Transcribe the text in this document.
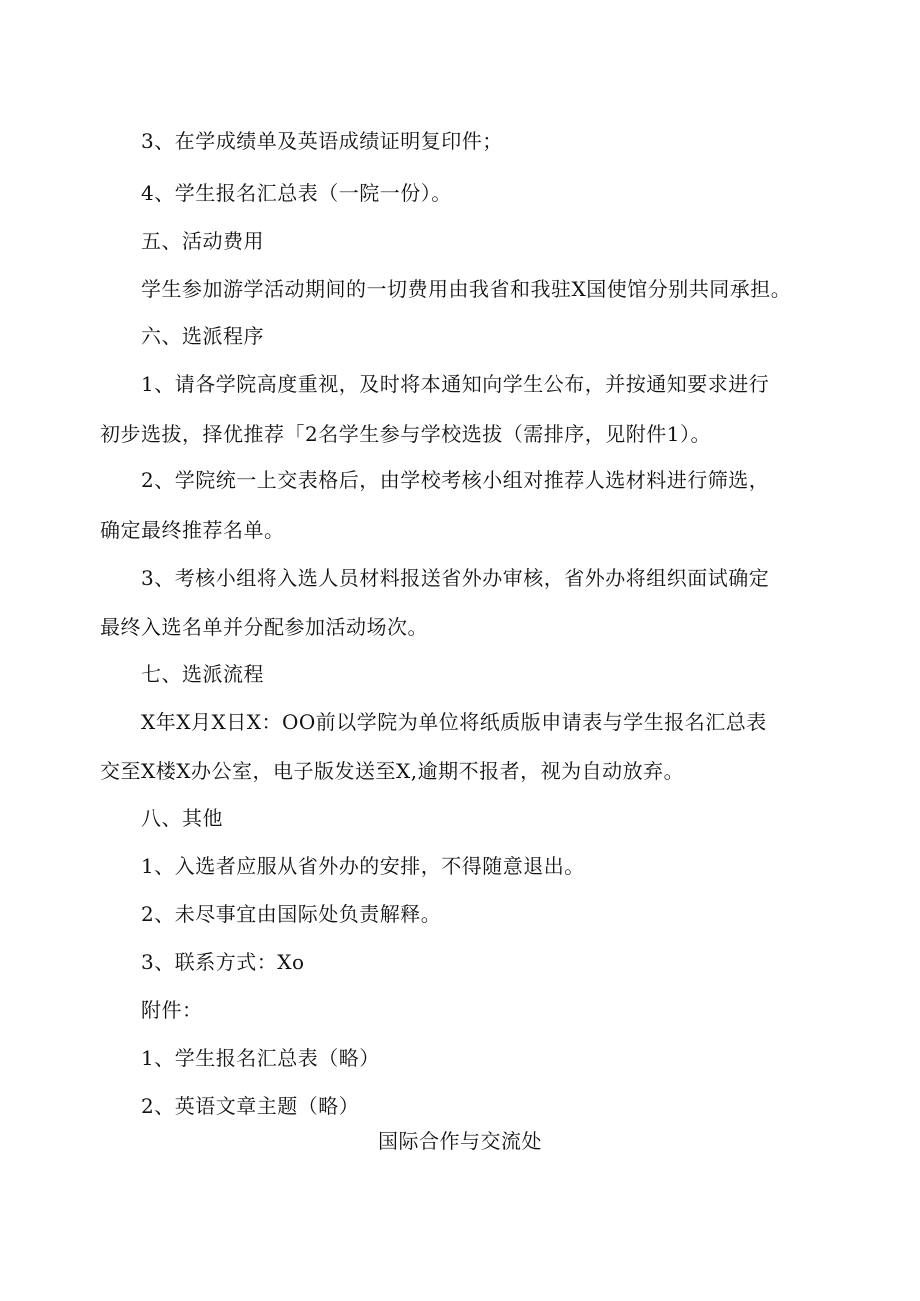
3、在学成绩单及英语成绩证明复印件；
4、学生报名汇总表（一院一份）。
五、活动费用
学生参加游学活动期间的一切费用由我省和我驻X国使馆分别共同承担。
六、选派程序
1、请各学院高度重视，及时将本通知向学生公布，并按通知要求进行
初步选拔，择优推荐「2名学生参与学校选拔（需排序，见附件1）。
2、学院统一上交表格后，由学校考核小组对推荐人选材料进行筛选，
确定最终推荐名单。
3、考核小组将入选人员材料报送省外办审核，省外办将组织面试确定
最终入选名单并分配参加活动场次。
七、选派流程
X年X月X日X：OO前以学院为单位将纸质版申请表与学生报名汇总表
交至X楼X办公室，电子版发送至X,逾期不报者，视为自动放弃。
八、其他
1、入选者应服从省外办的安排，不得随意退出。
2、未尽事宜由国际处负责解释。
3、联系方式：Xo
附件：
1、学生报名汇总表（略）
2、英语文章主题（略）
国际合作与交流处
